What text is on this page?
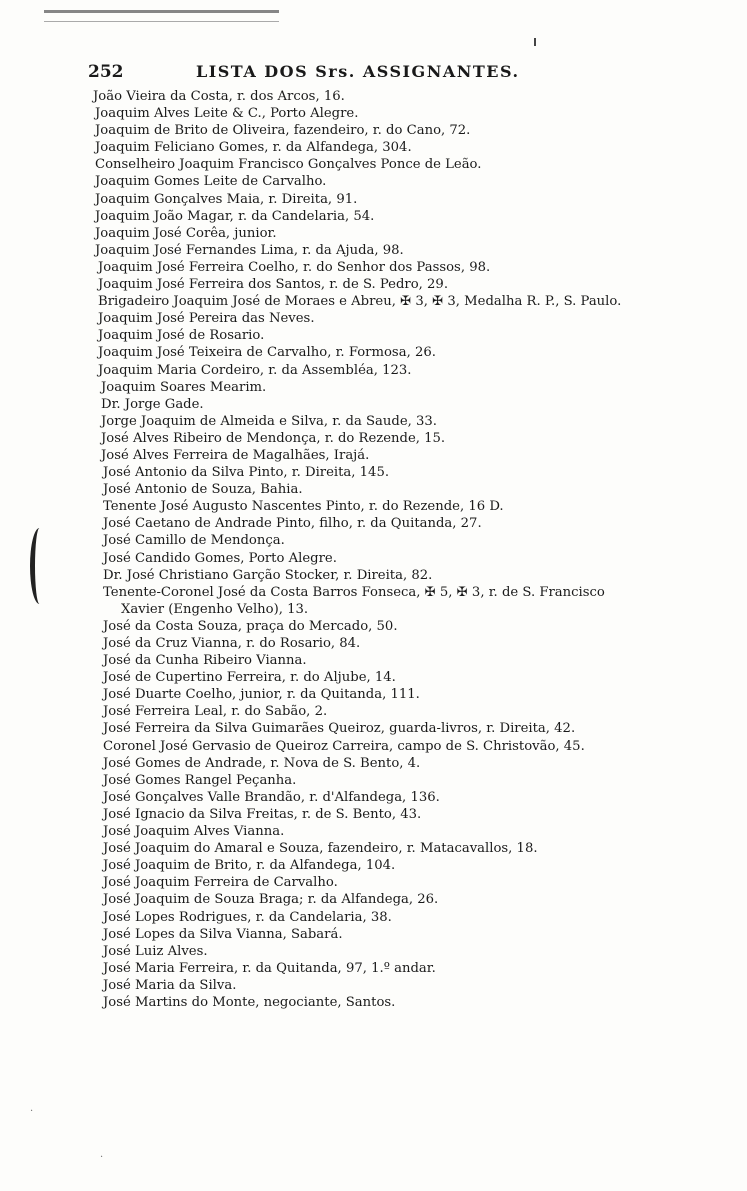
·
·
252	LISTA DOS Srs. ASSIGNANTES.
João Vieira da Costa, r. dos Arcos, 16.
Joaquim Alves Leite & C., Porto Alegre.
Joaquim de Brito de Oliveira, fazendeiro, r. do Cano, 72.
Joaquim Feliciano Gomes, r. da Alfandega, 304.
Conselheiro Joaquim Francisco Gonçalves Ponce de Leão.
Joaquim Gomes Leite de Carvalho.
Joaquim Gonçalves Maia, r. Direita, 91.
Joaquim João Magar, r. da Candelaria, 54.
Joaquim José Corêa, junior.
Joaquim José Fernandes Lima, r. da Ajuda, 98.
Joaquim José Ferreira Coelho, r. do Senhor dos Passos, 98.
Joaquim José Ferreira dos Santos, r. de S. Pedro, 29.
Brigadeiro Joaquim José de Moraes e Abreu, ✠ 3, ✠ 3, Medalha R. P., S. Paulo.
Joaquim José Pereira das Neves.
Joaquim José de Rosario.
Joaquim José Teixeira de Carvalho, r. Formosa, 26.
Joaquim Maria Cordeiro, r. da Assembléa, 123.
Joaquim Soares Mearim.
Dr. Jorge Gade.
Jorge Joaquim de Almeida e Silva, r. da Saude, 33.
José Alves Ribeiro de Mendonça, r. do Rezende, 15.
José Alves Ferreira de Magalhães, Irajá.
José Antonio da Silva Pinto, r. Direita, 145.
José Antonio de Souza, Bahia.
Tenente José Augusto Nascentes Pinto, r. do Rezende, 16 D.
José Caetano de Andrade Pinto, filho, r. da Quitanda, 27.
José Camillo de Mendonça.
José Candido Gomes, Porto Alegre.
Dr. José Christiano Garção Stocker, r. Direita, 82.
Tenente-Coronel José da Costa Barros Fonseca, ✠ 5, ✠ 3, r. de S. Francisco
Xavier (Engenho Velho), 13.
José da Costa Souza, praça do Mercado, 50.
José da Cruz Vianna, r. do Rosario, 84.
José da Cunha Ribeiro Vianna.
José de Cupertino Ferreira, r. do Aljube, 14.
José Duarte Coelho, junior, r. da Quitanda, 111.
José Ferreira Leal, r. do Sabão, 2.
José Ferreira da Silva Guimarães Queiroz, guarda-livros, r. Direita, 42.
Coronel José Gervasio de Queiroz Carreira, campo de S. Christovão, 45.
José Gomes de Andrade, r. Nova de S. Bento, 4.
José Gomes Rangel Peçanha.
José Gonçalves Valle Brandão, r. d'Alfandega, 136.
José Ignacio da Silva Freitas, r. de S. Bento, 43.
José Joaquim Alves Vianna.
José Joaquim do Amaral e Souza, fazendeiro, r. Matacavallos, 18.
José Joaquim de Brito, r. da Alfandega, 104.
José Joaquim Ferreira de Carvalho.
José Joaquim de Souza Braga; r. da Alfandega, 26.
José Lopes Rodrigues, r. da Candelaria, 38.
José Lopes da Silva Vianna, Sabará.
José Luiz Alves.
José Maria Ferreira, r. da Quitanda, 97, 1.º andar.
José Maria da Silva.
José Martins do Monte, negociante, Santos.
